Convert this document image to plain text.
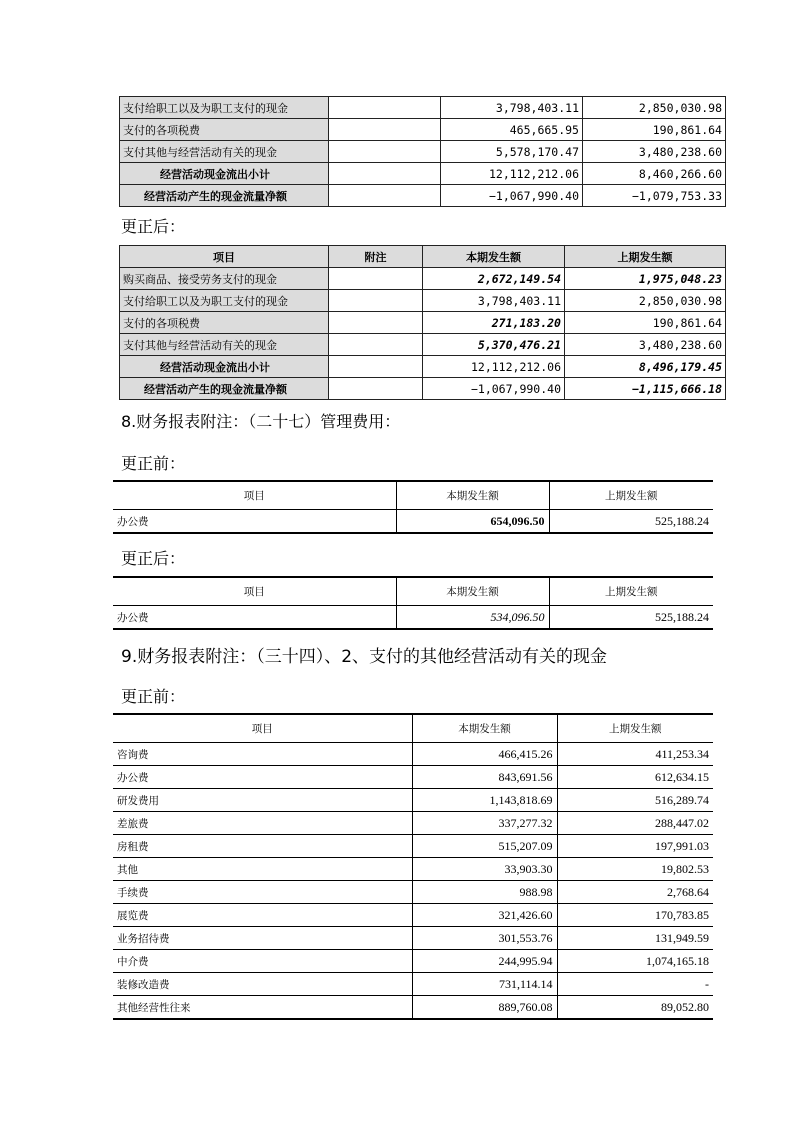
支付给职工以及为职工支付的现金		3,798,403.11	2,850,030.98
支付的各项税费		465,665.95	190,861.64
支付其他与经营活动有关的现金		5,578,170.47	3,480,238.60
经营活动现金流出小计		12,112,212.06	8,460,266.60
经营活动产生的现金流量净额		−1,067,990.40	−1,079,753.33
更正后：
项目	附注	本期发生额	上期发生额
购买商品、接受劳务支付的现金		2,672,149.54	1,975,048.23
支付给职工以及为职工支付的现金		3,798,403.11	2,850,030.98
支付的各项税费		271,183.20	190,861.64
支付其他与经营活动有关的现金		5,370,476.21	3,480,238.60
经营活动现金流出小计		12,112,212.06	8,496,179.45
经营活动产生的现金流量净额		−1,067,990.40	−1,115,666.18
8.财务报表附注：（二十七）管理费用：
更正前：
项目	本期发生额	上期发生额
办公费	654,096.50	525,188.24
更正后：
项目	本期发生额	上期发生额
办公费	534,096.50	525,188.24
9.财务报表附注：（三十四）、2、支付的其他经营活动有关的现金
更正前：
项目	本期发生额	上期发生额
咨询费	466,415.26	411,253.34
办公费	843,691.56	612,634.15
研发费用	1,143,818.69	516,289.74
差旅费	337,277.32	288,447.02
房租费	515,207.09	197,991.03
其他	33,903.30	19,802.53
手续费	988.98	2,768.64
展览费	321,426.60	170,783.85
业务招待费	301,553.76	131,949.59
中介费	244,995.94	1,074,165.18
装修改造费	731,114.14	-
其他经营性往来	889,760.08	89,052.80
